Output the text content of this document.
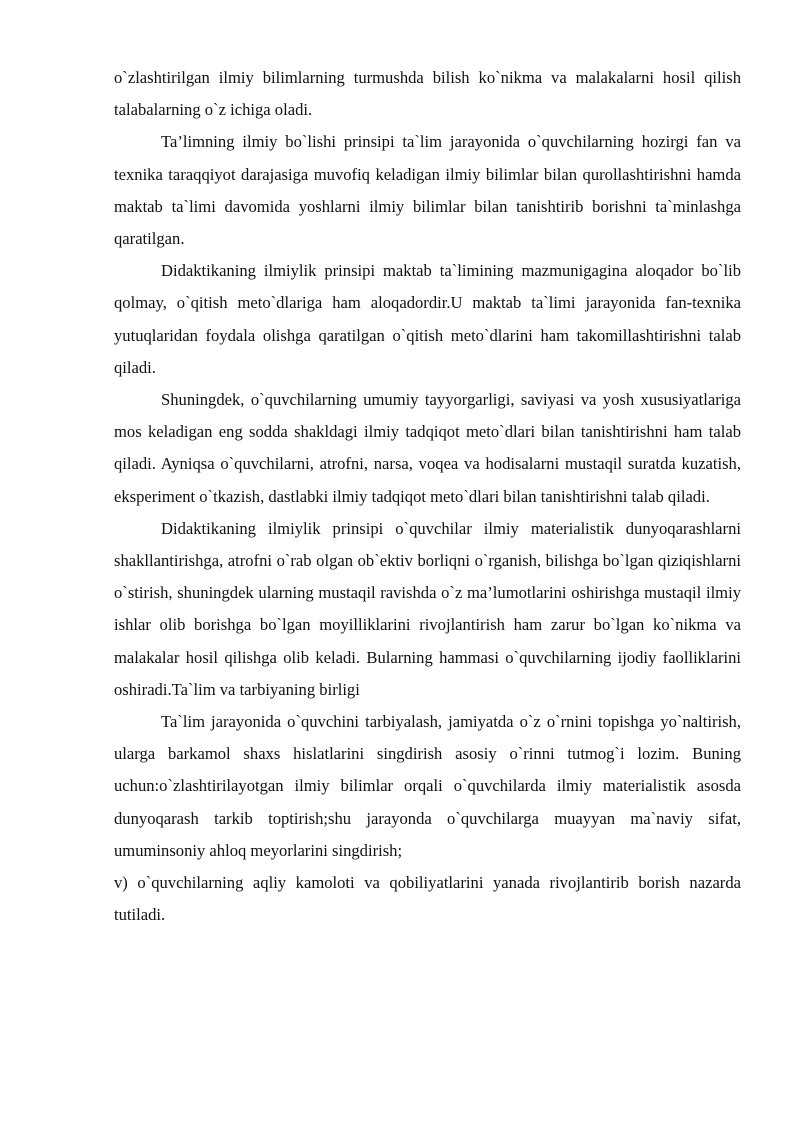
o`zlashtirilgan ilmiy bilimlarning turmushda bilish ko`nikma va malakalarni hosil qilish talabalarning o`z ichiga oladi.

Ta’limning ilmiy bo`lishi prinsipi ta`lim jarayonida o`quvchilarning hozirgi fan va texnika taraqqiyot darajasiga muvofiq keladigan ilmiy bilimlar bilan qurollashtirishni hamda maktab ta`limi davomida yoshlarni ilmiy bilimlar bilan tanishtirib borishni ta`minlashga qaratilgan.

Didaktikaning ilmiylik prinsipi maktab ta`limining mazmunigagina aloqador bo`lib qolmay, o`qitish meto`dlariga ham aloqadordir.U maktab ta`limi jarayonida fan-texnika yutuqlaridan foydala olishga qaratilgan o`qitish meto`dlarini ham takomillashtirishni talab qiladi.

Shuningdek, o`quvchilarning umumiy tayyorgarligi, saviyasi va yosh xususiyatlariga mos keladigan eng sodda shakldagi ilmiy tadqiqot meto`dlari bilan tanishtirishni ham talab qiladi. Ayniqsa o`quvchilarni, atrofni, narsa, voqea va hodisalarni mustaqil suratda kuzatish, eksperiment o`tkazish, dastlabki ilmiy tadqiqot meto`dlari bilan tanishtirishni talab qiladi.

Didaktikaning ilmiylik prinsipi o`quvchilar ilmiy materialistik dunyoqarashlarni shakllantirishga, atrofni o`rab olgan ob`ektiv borliqni o`rganish, bilishga bo`lgan qiziqishlarni o`stirish, shuningdek ularning mustaqil ravishda o`z ma’lumotlarini oshirishga mustaqil ilmiy ishlar olib borishga bo`lgan moyilliklarini rivojlantirish ham zarur bo`lgan ko`nikma va malakalar hosil qilishga olib keladi. Bularning hammasi o`quvchilarning ijodiy faolliklarini oshiradi.Ta`lim va tarbiyaning birligi

Ta`lim jarayonida o`quvchini tarbiyalash, jamiyatda o`z o`rnini topishga yo`naltirish, ularga barkamol shaxs hislatlarini singdirish asosiy o`rinni tutmog`i lozim. Buning uchun:o`zlashtirilayotgan ilmiy bilimlar orqali o`quvchilarda ilmiy materialistik asosda dunyoqarash tarkib toptirish;shu jarayonda o`quvchilarga muayyan ma`naviy sifat, umuminsoniy ahloq meyorlarini singdirish;

v) o`quvchilarning aqliy kamoloti va qobiliyatlarini yanada rivojlantirib borish nazarda tutiladi.
